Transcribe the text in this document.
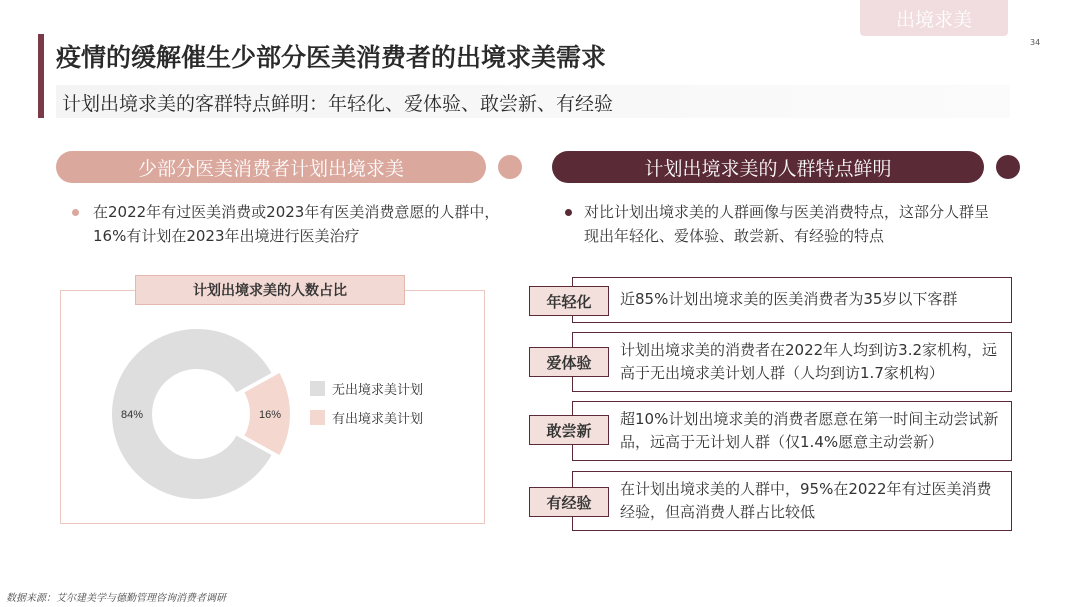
出境求美
34
疫情的缓解催生少部分医美消费者的出境求美需求
计划出境求美的客群特点鲜明：年轻化、爱体验、敢尝新、有经验
少部分医美消费者计划出境求美
在2022年有过医美消费或2023年有医美消费意愿的人群中，16%有计划在2023年出境进行医美治疗
84%	16%
计划出境求美的人数占比
无出境求美计划
有出境求美计划
计划出境求美的人群特点鲜明
对比计划出境求美的人群画像与医美消费特点，这部分人群呈现出年轻化、爱体验、敢尝新、有经验的特点
年轻化	近85%计划出境求美的医美消费者为35岁以下客群
爱体验
计划出境求美的消费者在2022年人均到访3.2家机构，远高于无出境求美计划人群（人均到访1.7家机构）
敢尝新
超10%计划出境求美的消费者愿意在第一时间主动尝试新品，远高于无计划人群（仅1.4%愿意主动尝新）
有经验
在计划出境求美的人群中，95%在2022年有过医美消费经验，但高消费人群占比较低
数据来源：艾尔建美学与德勤管理咨询消费者调研
